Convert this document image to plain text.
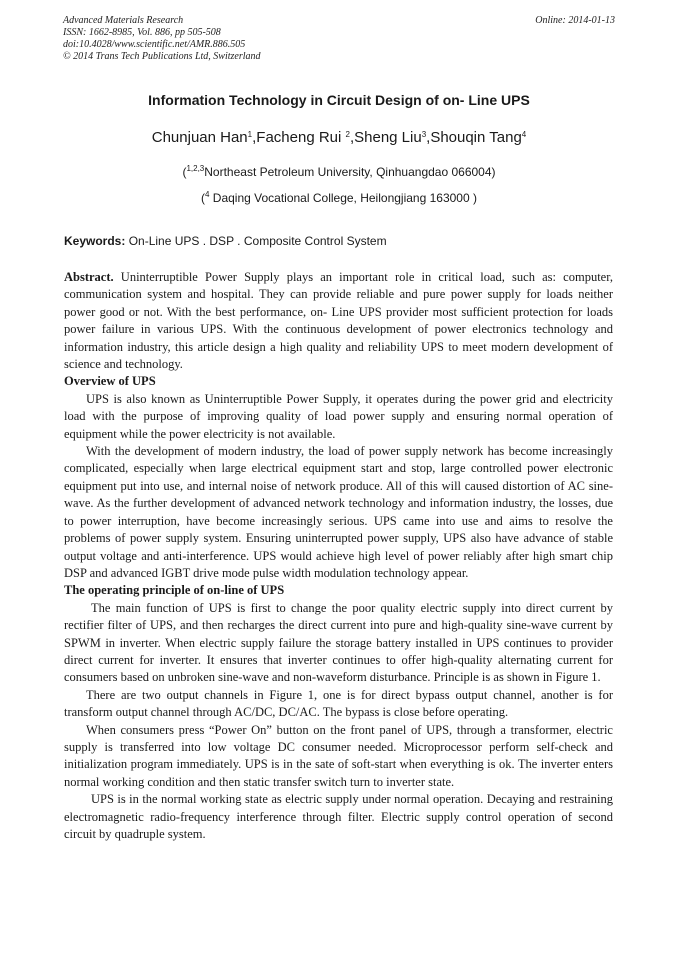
Advanced Materials Research
ISSN: 1662-8985, Vol. 886, pp 505-508
doi:10.4028/www.scientific.net/AMR.886.505
© 2014 Trans Tech Publications Ltd, Switzerland
Online: 2014-01-13
Information Technology in Circuit Design of on- Line UPS
Chunjuan Han$^1$,Facheng Rui $^2$,Sheng Liu$^3$,Shouqin Tang$^4$
($^{1,2,3}$Northeast Petroleum University, Qinhuangdao 066004)
($^4$ Daqing Vocational College, Heilongjiang 163000 )
Keywords: On-Line UPS . DSP . Composite Control System

Abstract. Uninterruptible Power Supply plays an important role in critical load, such as: computer, communication system and hospital. They can provide reliable and pure power supply for loads neither power good or not. With the best performance, on- Line UPS provider most sufficient protection for loads power failure in various UPS. With the continuous development of power electronics technology and information industry, this article design a high quality and reliability UPS to meet modern development of science and technology.

Overview of UPS

UPS is also known as Uninterruptible Power Supply, it operates during the power grid and electricity load with the purpose of improving quality of load power supply and ensuring normal operation of equipment while the power electricity is not available.

With the development of modern industry, the load of power supply network has become increasingly complicated, especially when large electrical equipment start and stop, large controlled power electronic equipment put into use, and internal noise of network produce. All of this will caused distortion of AC sine-wave. As the further development of advanced network technology and information industry, the losses, due to power interruption, have become increasingly serious. UPS came into use and aims to resolve the problems of power supply system. Ensuring uninterrupted power supply, UPS also have advance of stable output voltage and anti-interference. UPS would achieve high level of power reliably after high smart chip DSP and advanced IGBT drive mode pulse width modulation technology appear.

The operating principle of on-line of UPS

The main function of UPS is first to change the poor quality electric supply into direct current by rectifier filter of UPS, and then recharges the direct current into pure and high-quality sine-wave current by SPWM in inverter. When electric supply failure the storage battery installed in UPS continues to provider direct current for inverter. It ensures that inverter continues to offer high-quality alternating current for consumers based on unbroken sine-wave and non-waveform disturbance. Principle is as shown in Figure 1.

There are two output channels in Figure 1, one is for direct bypass output channel, another is for transform output channel through AC/DC, DC/AC. The bypass is close before operating.

When consumers press “Power On” button on the front panel of UPS, through a transformer, electric supply is transferred into low voltage DC consumer needed. Microprocessor perform self-check and initialization program immediately. UPS is in the sate of soft-start when everything is ok. The inverter enters normal working condition and then static transfer switch turn to inverter state.

UPS is in the normal working state as electric supply under normal operation. Decaying and restraining electromagnetic radio-frequency interference through filter. Electric supply control operation of second circuit by quadruple system.
